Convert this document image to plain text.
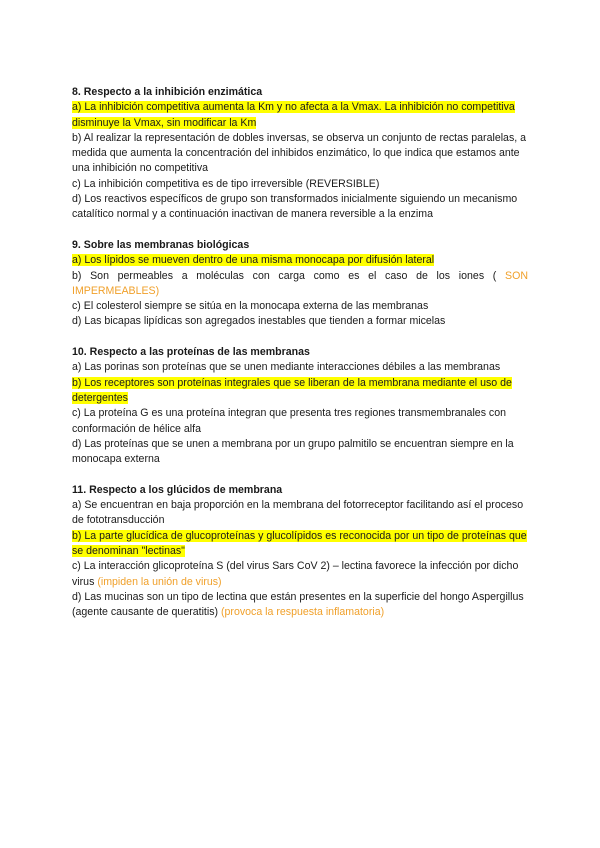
8. Respecto a la inhibición enzimática

a) La inhibición competitiva aumenta la Km y no afecta a la Vmax. La inhibición no competitiva disminuye la Vmax, sin modificar la Km

b) Al realizar la representación de dobles inversas, se observa un conjunto de rectas paralelas, a medida que aumenta la concentración del inhibidos enzimático, lo que indica que estamos ante una inhibición no competitiva

c) La inhibición competitiva es de tipo irreversible (REVERSIBLE)

d) Los reactivos específicos de grupo son transformados inicialmente siguiendo un mecanismo catalítico normal y a continuación inactivan de manera reversible a la enzima

9. Sobre las membranas biológicas

a) Los lípidos se mueven dentro de una misma monocapa por difusión lateral

b) Son permeables a moléculas con carga como es el caso de los iones ( SON IMPERMEABLES)

c) El colesterol siempre se sitúa en la monocapa externa de las membranas

d) Las bicapas lipídicas son agregados inestables que tienden a formar micelas

10. Respecto a las proteínas de las membranas

a) Las porinas son proteínas que se unen mediante interacciones débiles a las membranas

b) Los receptores son proteínas integrales que se liberan de la membrana mediante el uso de detergentes

c) La proteína G es una proteína integran que presenta tres regiones transmembranales con conformación de hélice alfa

d) Las proteínas que se unen a membrana por un grupo palmitilo se encuentran siempre en la monocapa externa

11. Respecto a los glúcidos de membrana

a) Se encuentran en baja proporción en la membrana del fotorreceptor facilitando así el proceso de fototransducción

b) La parte glucídica de glucoproteínas y glucolípidos es reconocida por un tipo de proteínas que se denominan "lectinas"

c) La interacción glicoproteína S (del virus Sars CoV 2) – lectina favorece la infección por dicho virus (impiden la unión de virus)

d) Las mucinas son un tipo de lectina que están presentes en la superficie del hongo Aspergillus (agente causante de queratitis) (provoca la respuesta inflamatoria)
